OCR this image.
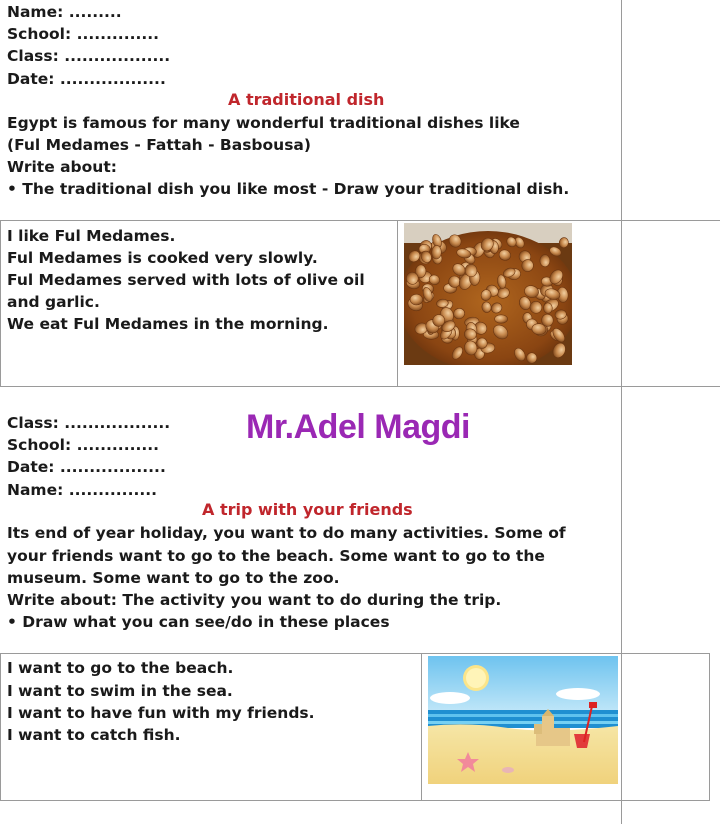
Name: .........
School: ..............
Class: ..................
Date: ..................
A traditional dish
Egypt is famous for many wonderful traditional dishes like
(Ful Medames - Fattah - Basbousa)
Write about:
• The traditional dish you like most - Draw your traditional dish.
I like Ful Medames.
Ful Medames is cooked very slowly.
Ful Medames served with lots of olive oil
and garlic.
We eat Ful Medames in the morning.
Class: ..................
School: ..............
Date: ..................
Name: ...............
Mr.Adel Magdi
A trip with your friends
Its end of year holiday, you want to do many activities. Some of
your friends want to go to the beach. Some want to go to the
museum. Some want to go to the zoo.
Write about: The activity you want to do during the trip.
• Draw what you can see/do in these places
I want to go to the beach.
I want to swim in the sea.
I want to have fun with my friends.
I want to catch fish.
